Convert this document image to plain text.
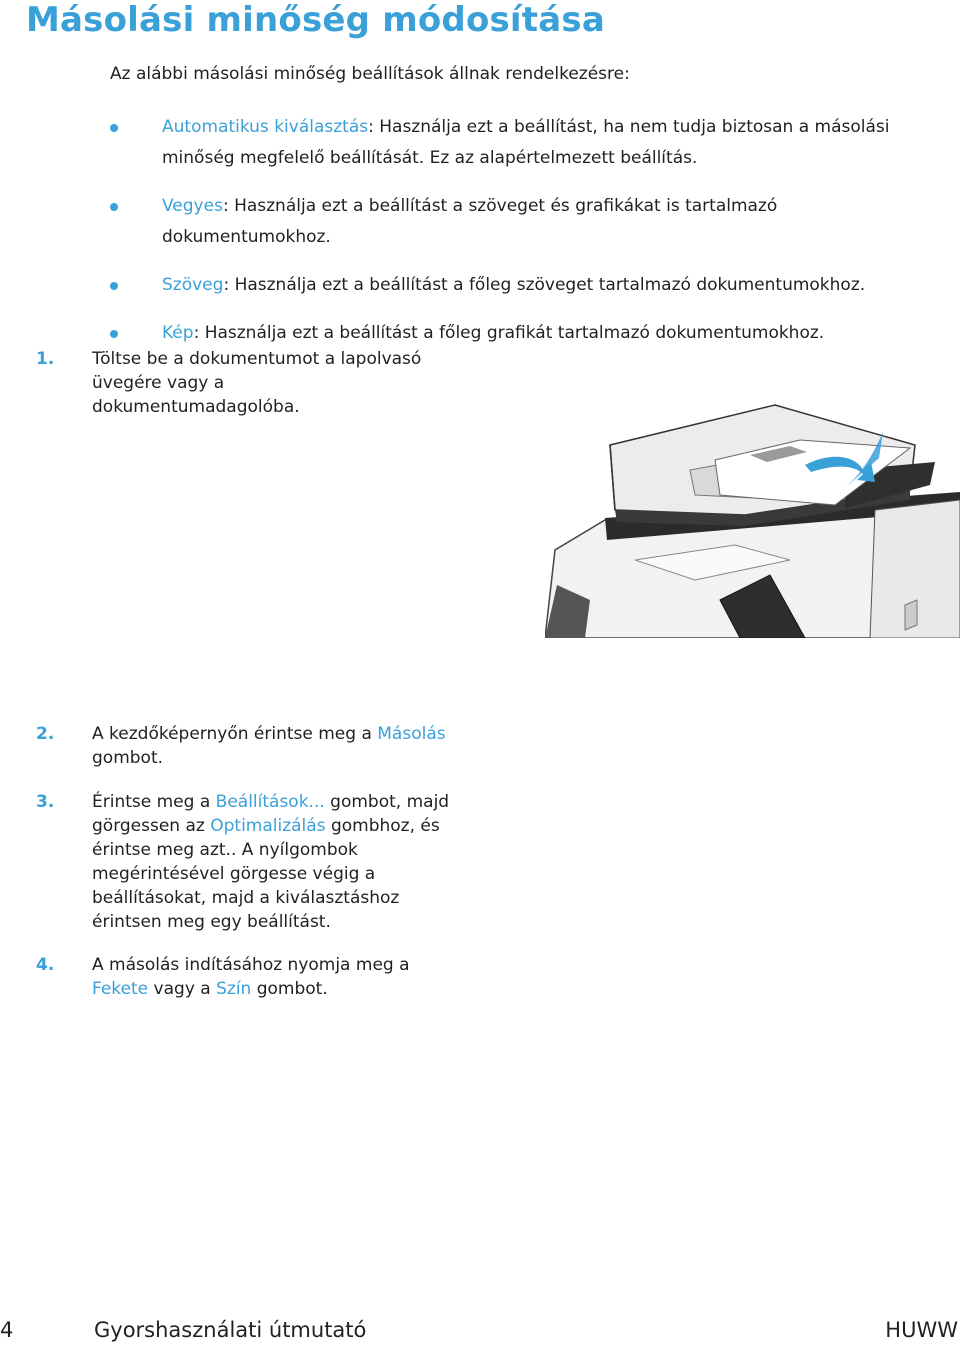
Másolási minőség módosítása

Az alábbi másolási minőség beállítások állnak rendelkezésre:

Automatikus kiválasztás: Használja ezt a beállítást, ha nem tudja biztosan a másolási minőség megfelelő beállítását. Ez az alapértelmezett beállítás.
Vegyes: Használja ezt a beállítást a szöveget és grafikákat is tartalmazó dokumentumokhoz.
Szöveg: Használja ezt a beállítást a főleg szöveget tartalmazó dokumentumokhoz.
Kép: Használja ezt a beállítást a főleg grafikát tartalmazó dokumentumokhoz.
1. Töltse be a dokumentumot a lapolvasó üvegére vagy a dokumentumadagolóba.
2. A kezdőképernyőn érintse meg a Másolás gombot.
3. Érintse meg a Beállítások... gombot, majd görgessen az Optimalizálás gombhoz, és érintse meg azt.. A nyílgombok megérintésével görgesse végig a beállításokat, majd a kiválasztáshoz érintsen meg egy beállítást.
4. A másolás indításához nyomja meg a Fekete vagy a Szín gombot.
4	Gyorshasználati útmutató	HUWW
